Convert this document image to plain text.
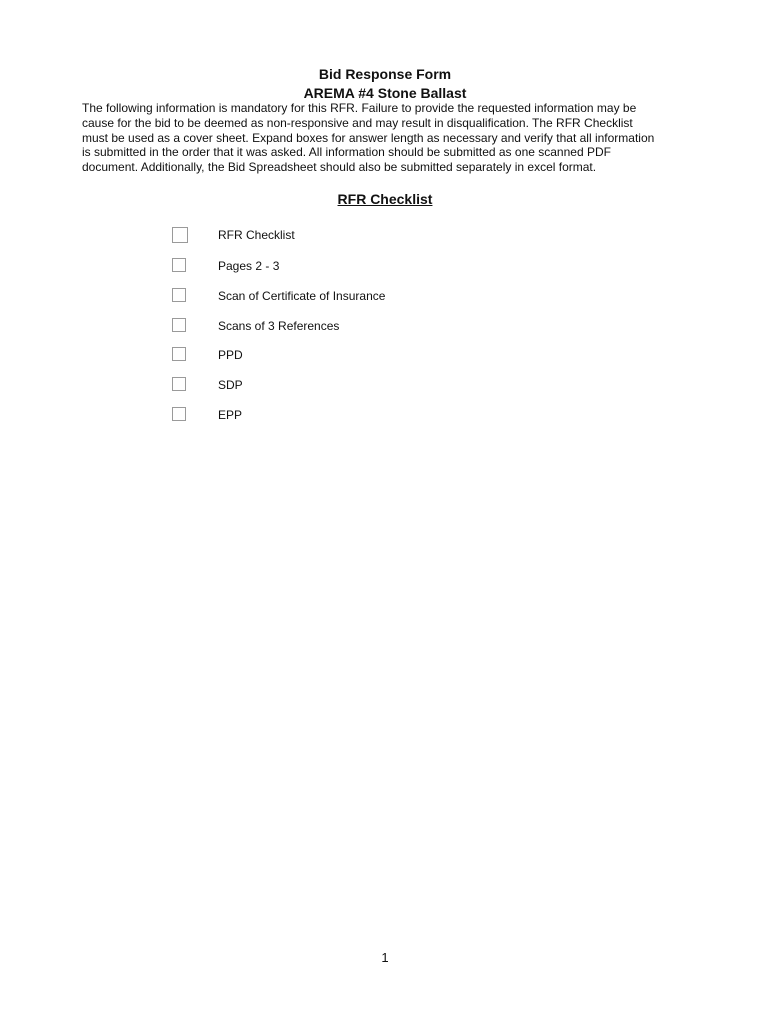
Bid Response Form
AREMA #4 Stone Ballast
The following information is mandatory for this RFR. Failure to provide the requested information may be
cause for the bid to be deemed as non-responsive and may result in disqualification. The RFR Checklist
must be used as a cover sheet. Expand boxes for answer length as necessary and verify that all information
is submitted in the order that it was asked. All information should be submitted as one scanned PDF
document. Additionally, the Bid Spreadsheet should also be submitted separately in excel format.
RFR Checklist
RFR Checklist
Pages 2 - 3
Scan of Certificate of Insurance
Scans of 3 References
PPD
SDP
EPP
1
